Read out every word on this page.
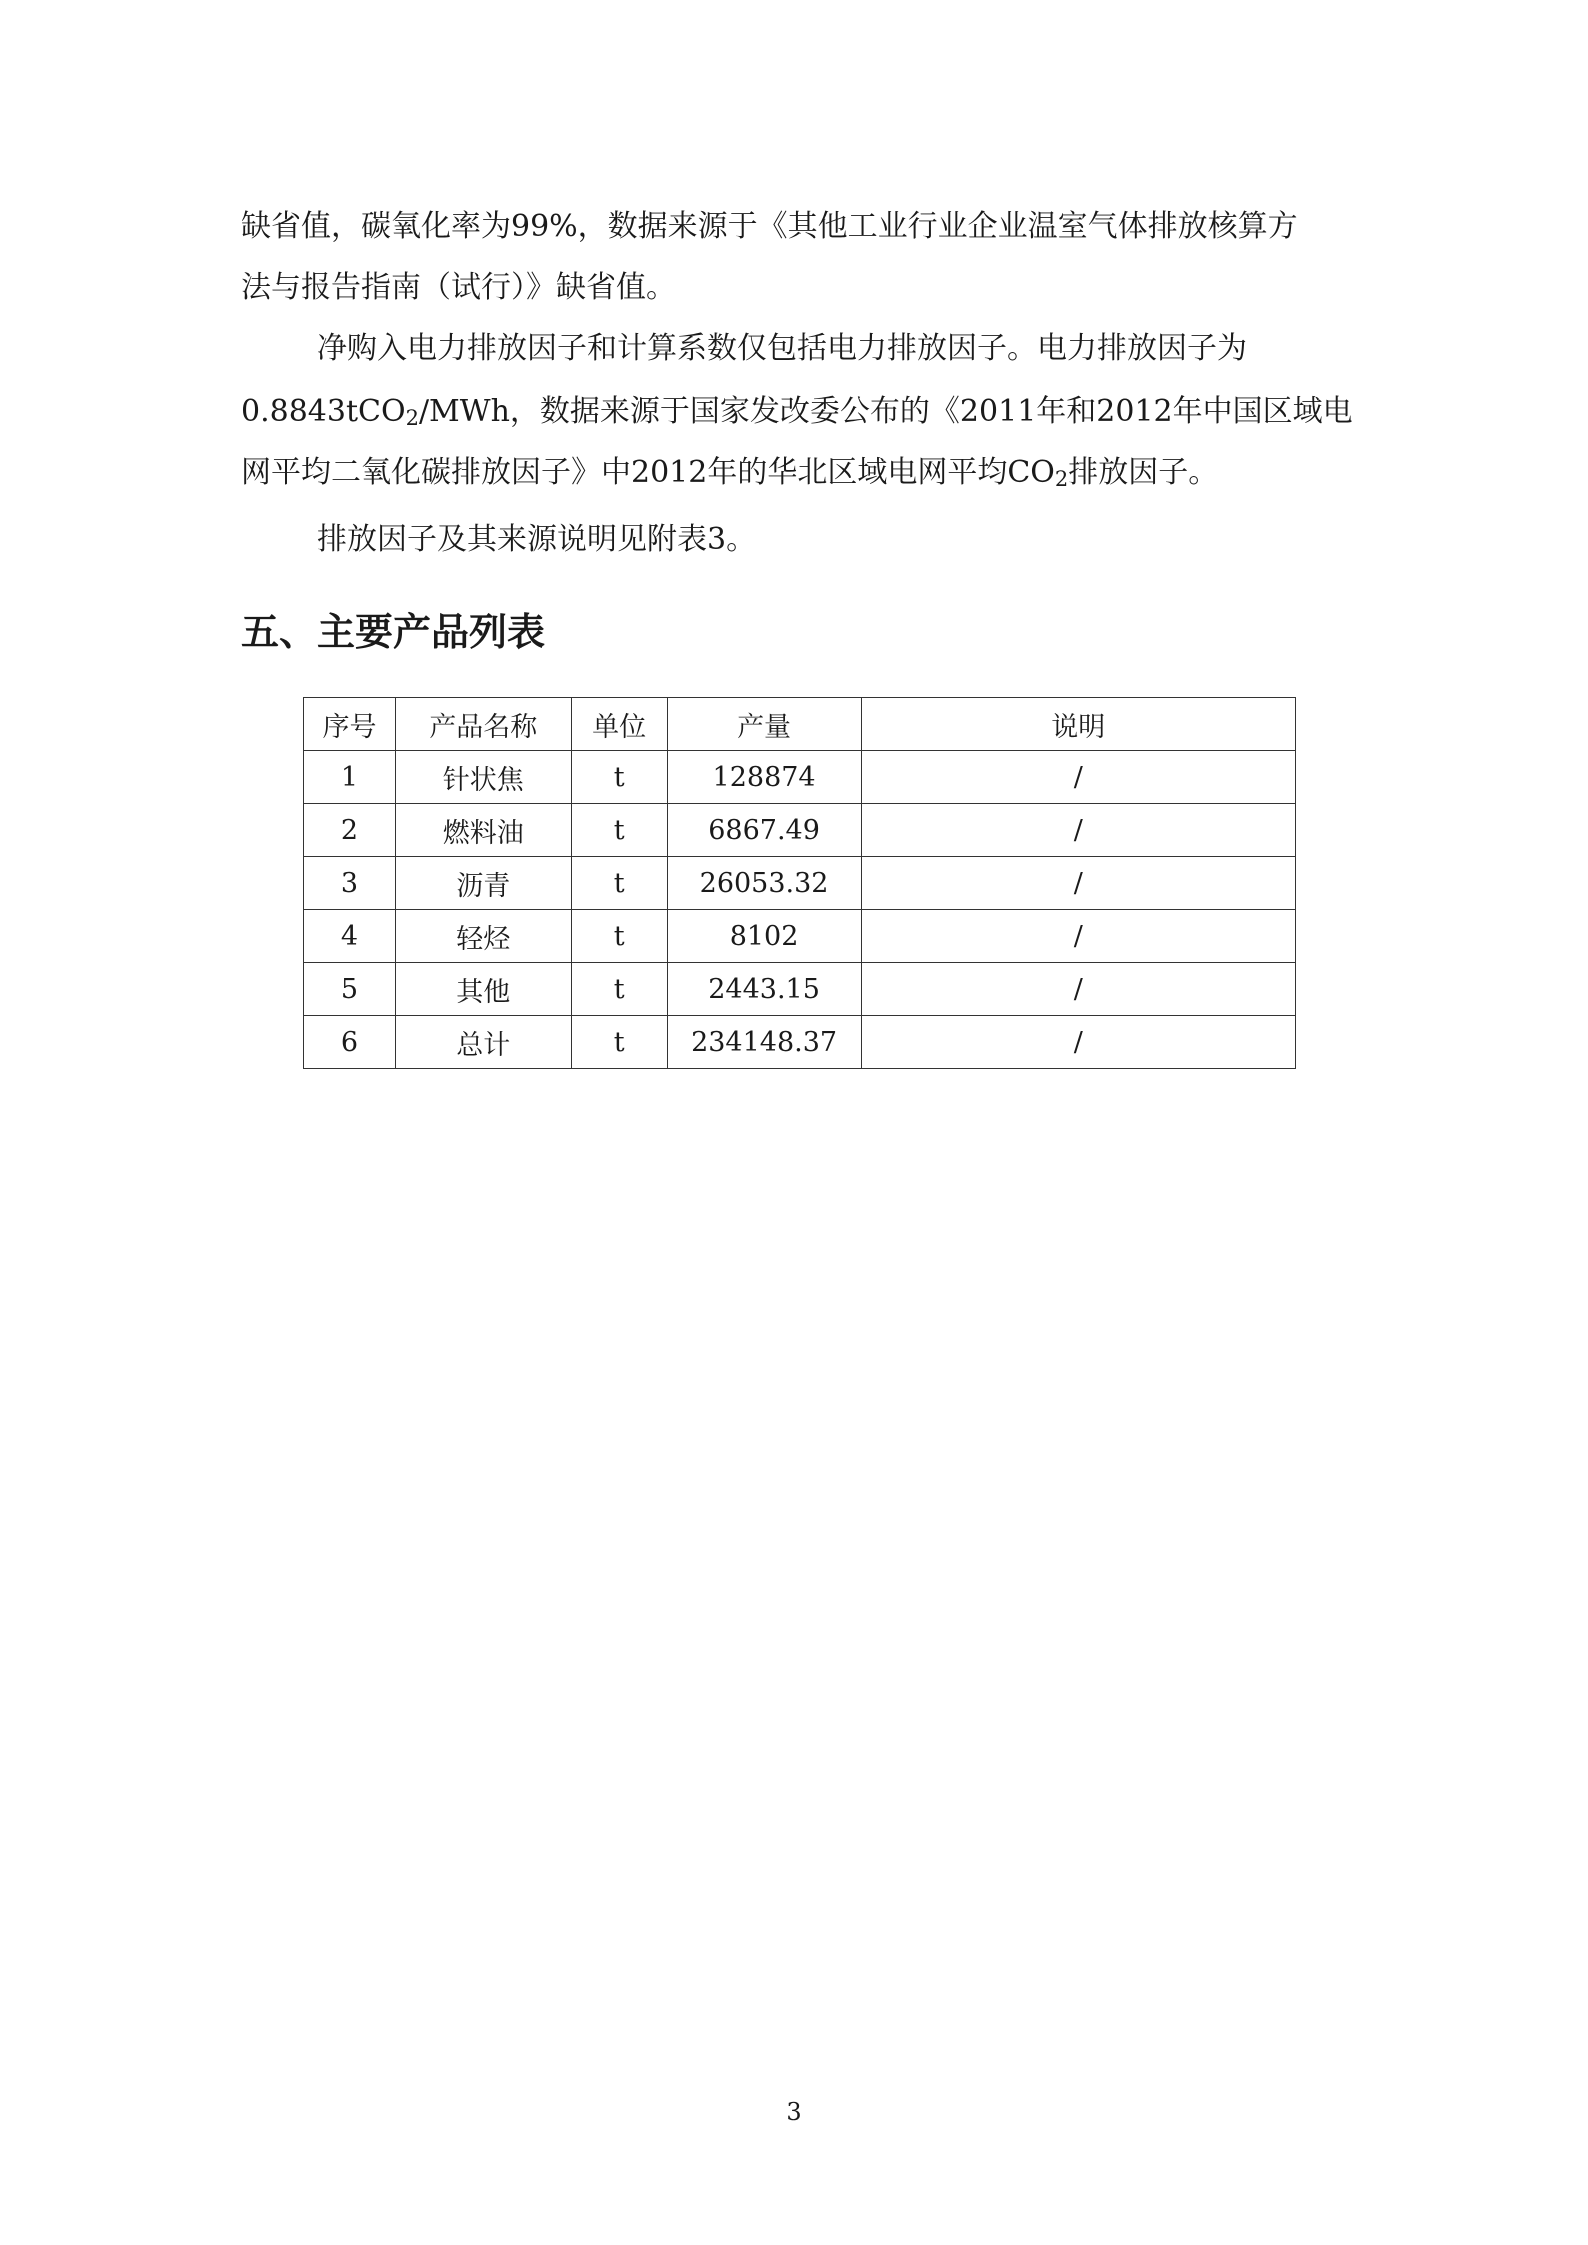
缺省值，碳氧化率为99%，数据来源于《其他工业行业企业温室气体排放核算方

法与报告指南（试行）》缺省值。

净购入电力排放因子和计算系数仅包括电力排放因子。电力排放因子为

0.8843tCO$_2$/MWh，数据来源于国家发改委公布的《2011年和2012年中国区域电

网平均二氧化碳排放因子》中2012年的华北区域电网平均$CO_2$排放因子。

排放因子及其来源说明见附表3。

五、主要产品列表
序号	产品名称	单位	产量	说明
1	针状焦	t	128874	/
2	燃料油	t	6867.49	/
3	沥青	t	26053.32	/
4	轻烃	t	8102	/
5	其他	t	2443.15	/
6	总计	t	234148.37	/
3
